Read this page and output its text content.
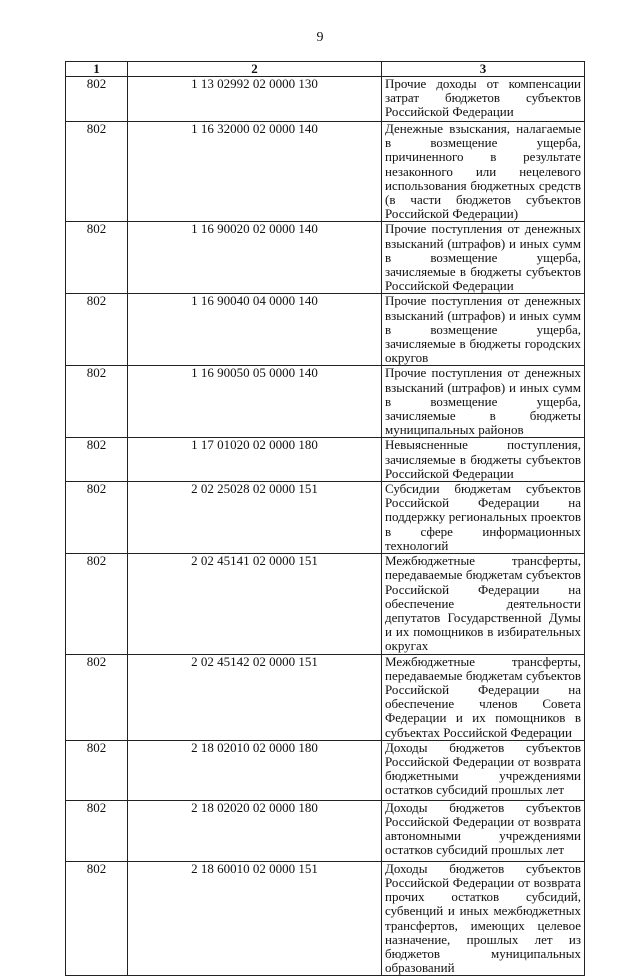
9
1	2	3
802	1 13 02992 02 0000 130	Прочие доходы от компенсации затрат бюджетов субъектов Российской Федерации
802	1 16 32000 02 0000 140	Денежные взыскания, налагаемые в возмещение ущерба, причиненного в результате незаконного или нецелевого использования бюджетных средств (в части бюджетов субъектов Российской Федерации)
802	1 16 90020 02 0000 140	Прочие поступления от денежных взысканий (штрафов) и иных сумм в возмещение ущерба, зачисляемые в бюджеты субъектов Российской Федерации
802	1 16 90040 04 0000 140	Прочие поступления от денежных взысканий (штрафов) и иных сумм в возмещение ущерба, зачисляемые в бюджеты городских округов
802	1 16 90050 05 0000 140	Прочие поступления от денежных взысканий (штрафов) и иных сумм в возмещение ущерба, зачисляемые в бюджеты муниципальных районов
802	1 17 01020 02 0000 180	Невыясненные поступления, зачисляемые в бюджеты субъектов Российской Федерации
802	2 02 25028 02 0000 151	Субсидии бюджетам субъектов Российской Федерации на поддержку региональных проектов в сфере информационных технологий
802	2 02 45141 02 0000 151	Межбюджетные трансферты, передаваемые бюджетам субъектов Российской Федерации на обеспечение деятельности депутатов Государственной Думы и их помощников в избирательных округах
802	2 02 45142 02 0000 151	Межбюджетные трансферты, передаваемые бюджетам субъектов Российской Федерации на обеспечение членов Совета Федерации и их помощников в субъектах Российской Федерации
802	2 18 02010 02 0000 180	Доходы бюджетов субъектов Российской Федерации от возврата бюджетными учреждениями остатков субсидий прошлых лет
802	2 18 02020 02 0000 180	Доходы бюджетов субъектов Российской Федерации от возврата автономными учреждениями остатков субсидий прошлых лет
802	2 18 60010 02 0000 151	Доходы бюджетов субъектов Российской Федерации от возврата прочих остатков субсидий, субвенций и иных межбюджетных трансфертов, имеющих целевое назначение, прошлых лет из бюджетов муниципальных образований
